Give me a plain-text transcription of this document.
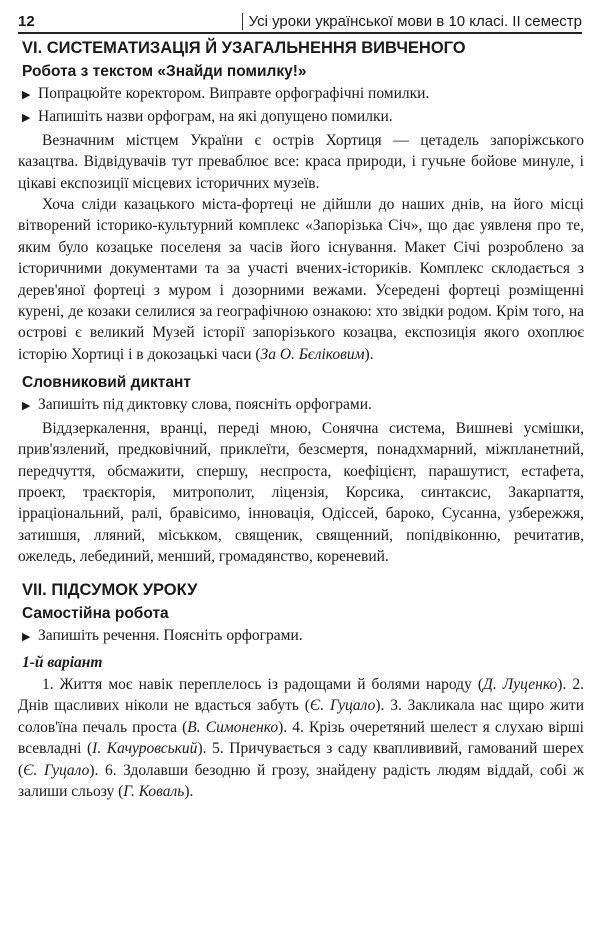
12	Усі уроки української мови в 10 класі. II семестр
VI. СИСТЕМАТИЗАЦІЯ Й УЗАГАЛЬНЕННЯ ВИВЧЕНОГО
Робота з текстом «Знайди помилку!»
▶ Попрацюйте коректором. Виправте орфографічні помилки.
▶ Напишіть назви орфограм, на які допущено помилки.

Везначним містцем України є острів Хортиця — цетадель запоріжського казацтва. Відвідувачів тут преваблює все: краса природи, і гучьне бойове минуле, і цікаві експозиції місцевих історичних музеїв.

Хоча сліди казацького міста-фортеці не дійшли до наших днів, на його місці вітворений історико-культурний комплекс «Запорізька Січ», що дає уявленя про те, яким було козацьке поселеня за часів його існування. Макет Січі розроблено за історичними документами та за участі вчених-істориків. Комплекс склодається з дерев'яної фортеці з муром і дозорними вежами. Усередені фортеці розміщенні курені, де козаки селилися за географічною ознакою: хто звідки родом. Крім того, на острові є великий Музей історії запорізького козацва, експозиція якого охоплює історію Хортиці і в докозацькі часи (За О. Бєліковим).

Словниковий диктант
▶ Запишіть під диктовку слова, поясніть орфограми.

Віддзеркалення, вранці, переді мною, Сонячна система, Вишневі усмішки, прив'язлений, предковічний, приклеїти, безсмертя, понадхмарний, міжпланетний, передчуття, обсмажити, спершу, неспроста, коефіцієнт, парашутист, естафета, проект, траєкторія, митрополит, ліцензія, Корсика, синтаксис, Закарпаття, ірраціональний, ралі, бравісимо, інновація, Одіссей, бароко, Сусанна, узбережжя, затишшя, лляний, міськком, священик, священний, попідвіконню, речитатив, ожеледь, лебединий, менший, громадянство, кореневий.

VII. ПІДСУМОК УРОКУ
Самостійна робота
▶ Запишіть речення. Поясніть орфограми.
1-й варіант

1. Життя моє навік переплелось із радощами й болями народу (Д. Луценко). 2. Днів щасливих ніколи не вдасться забуть (Є. Гуцало). 3. Закликала нас щиро жити солов'їна печаль проста (В. Симоненко). 4. Крізь очеретяний шелест я слухаю вірші всевладні (І. Качуровський). 5. Причувається з саду кваплививий, гамований шерех (Є. Гуцало). 6. Здолавши безодню й грозу, знайдену радість людям віддай, собі ж залиши сльозу (Г. Коваль).
